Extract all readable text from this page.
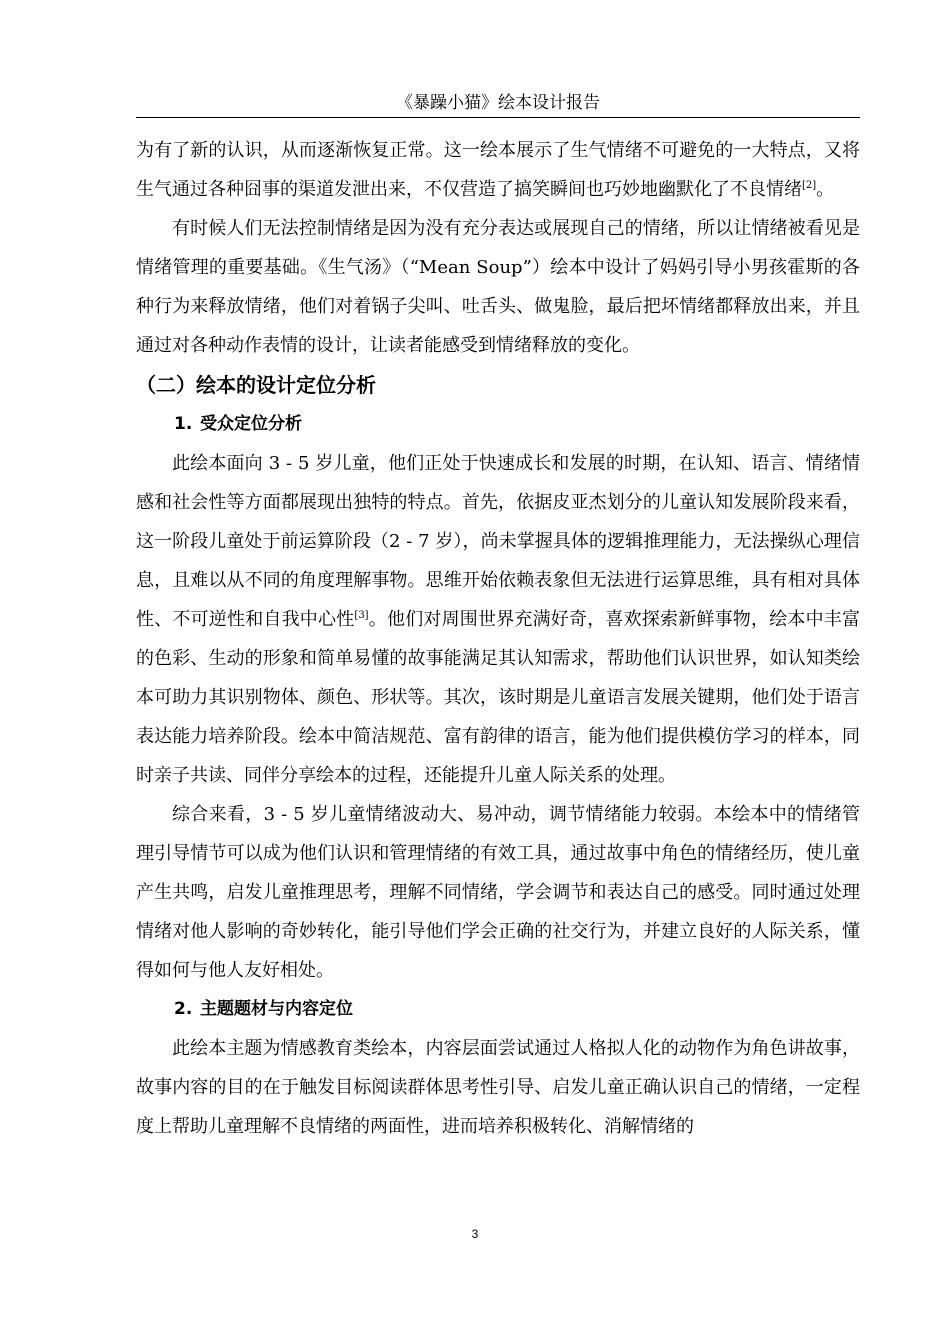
《暴躁小猫》绘本设计报告

为有了新的认识，从而逐渐恢复正常。这一绘本展示了生气情绪不可避免的一大特点，又将生气通过各种囧事的渠道发泄出来，不仅营造了搞笑瞬间也巧妙地幽默化了不良情绪[2]。

有时候人们无法控制情绪是因为没有充分表达或展现自己的情绪，所以让情绪被看见是情绪管理的重要基础。《生气汤》（“Mean Soup”）绘本中设计了妈妈引导小男孩霍斯的各种行为来释放情绪，他们对着锅子尖叫、吐舌头、做鬼脸，最后把坏情绪都释放出来，并且通过对各种动作表情的设计，让读者能感受到情绪释放的变化。

（二）绘本的设计定位分析
1. 受众定位分析

此绘本面向 3 - 5 岁儿童，他们正处于快速成长和发展的时期，在认知、语言、情绪情感和社会性等方面都展现出独特的特点。首先，依据皮亚杰划分的儿童认知发展阶段来看，这一阶段儿童处于前运算阶段（2 - 7 岁），尚未掌握具体的逻辑推理能力，无法操纵心理信息，且难以从不同的角度理解事物。思维开始依赖表象但无法进行运算思维，具有相对具体性、不可逆性和自我中心性[3]。他们对周围世界充满好奇，喜欢探索新鲜事物，绘本中丰富的色彩、生动的形象和简单易懂的故事能满足其认知需求，帮助他们认识世界，如认知类绘本可助力其识别物体、颜色、形状等。其次，该时期是儿童语言发展关键期，他们处于语言表达能力培养阶段。绘本中简洁规范、富有韵律的语言，能为他们提供模仿学习的样本，同时亲子共读、同伴分享绘本的过程，还能提升儿童人际关系的处理。

综合来看，3 - 5 岁儿童情绪波动大、易冲动，调节情绪能力较弱。本绘本中的情绪管理引导情节可以成为他们认识和管理情绪的有效工具，通过故事中角色的情绪经历，使儿童产生共鸣，启发儿童推理思考，理解不同情绪，学会调节和表达自己的感受。同时通过处理情绪对他人影响的奇妙转化，能引导他们学会正确的社交行为，并建立良好的人际关系，懂得如何与他人友好相处。

2. 主题题材与内容定位

此绘本主题为情感教育类绘本，内容层面尝试通过人格拟人化的动物作为角色讲故事，故事内容的目的在于触发目标阅读群体思考性引导、启发儿童正确认识自己的情绪，一定程度上帮助儿童理解不良情绪的两面性，进而培养积极转化、消解情绪的

3
